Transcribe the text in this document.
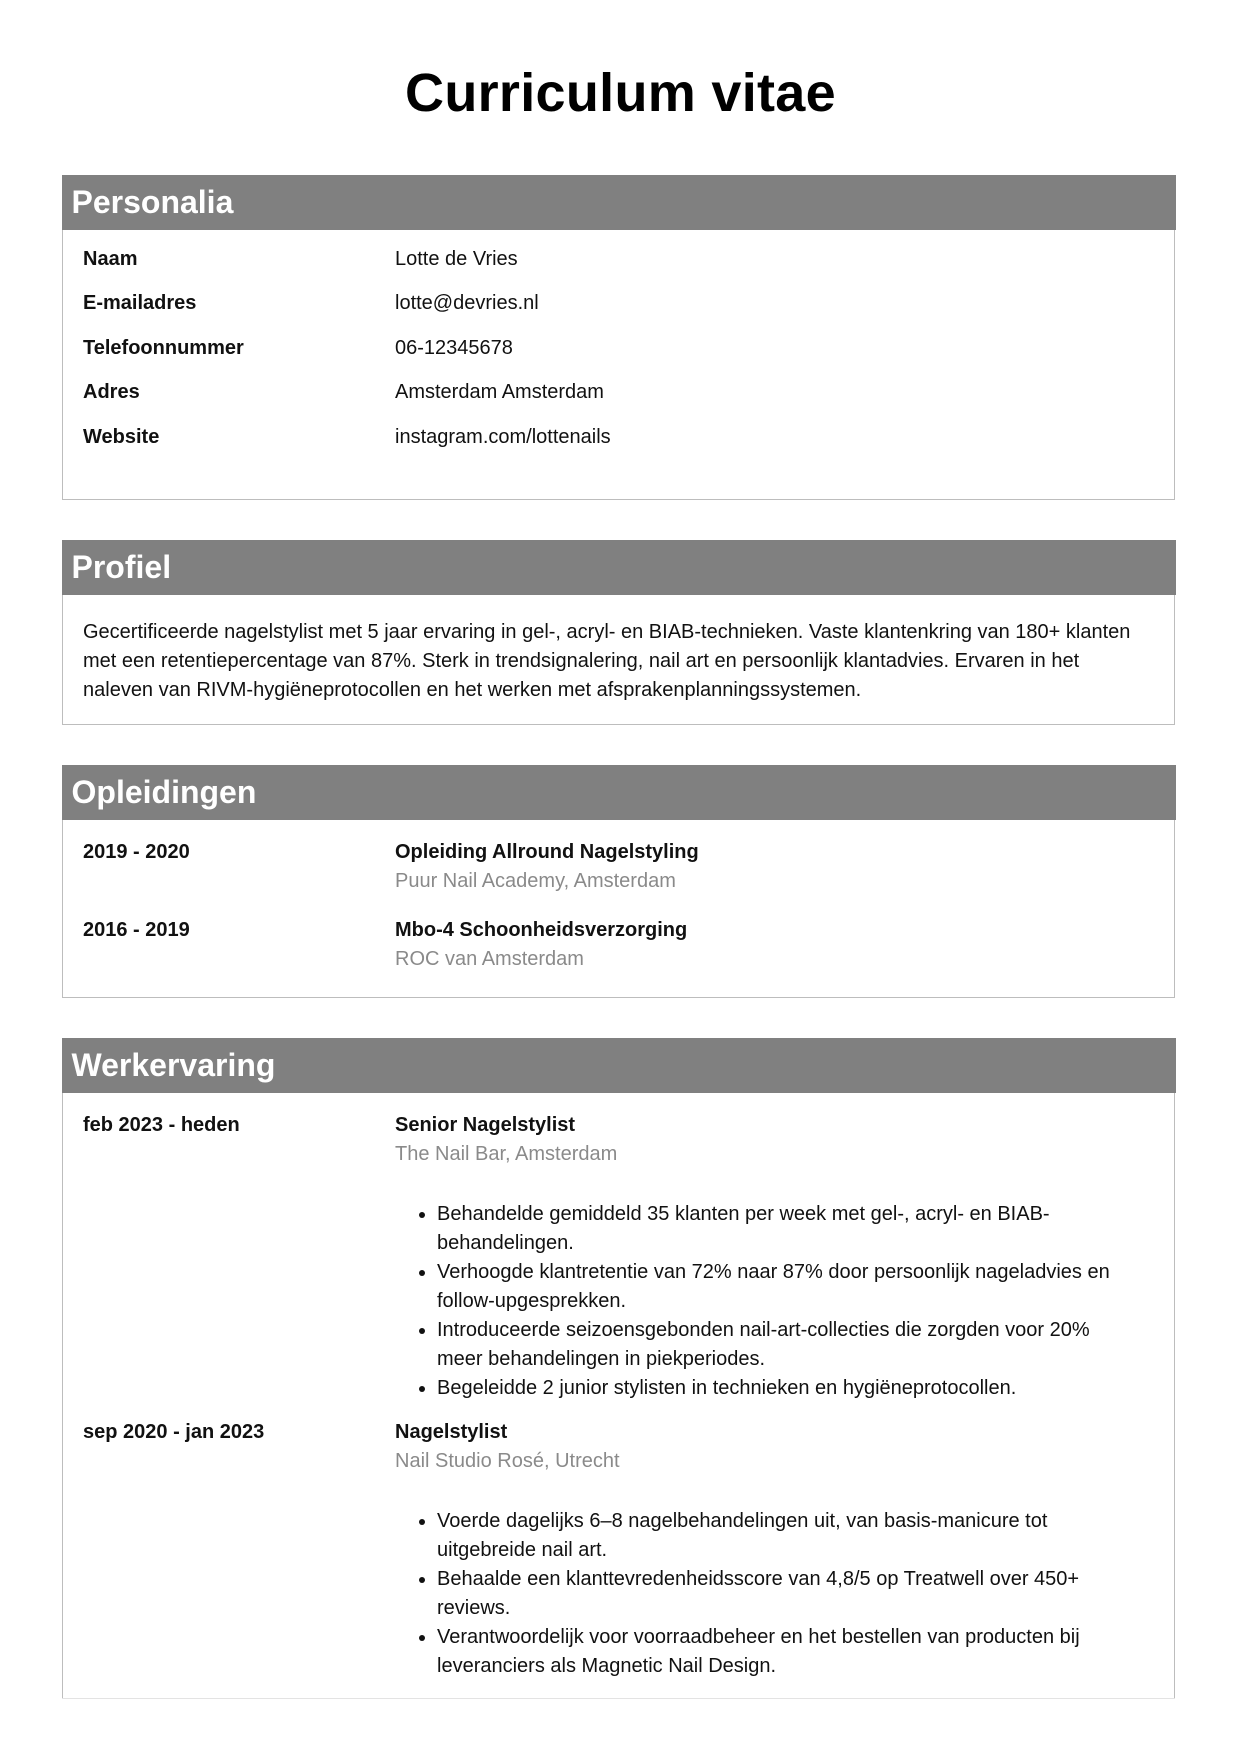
Curriculum vitae
Personalia
Naam	Lotte de Vries
E-mailadres	lotte@devries.nl
Telefoonnummer	06-12345678
Adres	Amsterdam Amsterdam
Website	instagram.com/lottenails
Profiel
Gecertificeerde nagelstylist met 5 jaar ervaring in gel-, acryl- en BIAB-technieken. Vaste klantenkring van 180+ klanten met een retentiepercentage van 87%. Sterk in trendsignalering, nail art en persoonlijk klantadvies. Ervaren in het naleven van RIVM-hygiëneprotocollen en het werken met afsprakenplanningssystemen.
Opleidingen
2019 - 2020	Opleiding Allround Nagelstyling
Puur Nail Academy, Amsterdam
2016 - 2019	Mbo-4 Schoonheidsverzorging
ROC van Amsterdam
Werkervaring
feb 2023 - heden	Senior Nagelstylist
The Nail Bar, Amsterdam
• Behandelde gemiddeld 35 klanten per week met gel-, acryl- en BIAB-behandelingen.
• Verhoogde klantretentie van 72% naar 87% door persoonlijk nageladvies en follow-upgesprekken.
• Introduceerde seizoensgebonden nail-art-collecties die zorgden voor 20% meer behandelingen in piekperiodes.
• Begeleidde 2 junior stylisten in technieken en hygiëneprotocollen.
sep 2020 - jan 2023	Nagelstylist
Nail Studio Rosé, Utrecht
• Voerde dagelijks 6–8 nagelbehandelingen uit, van basis-manicure tot uitgebreide nail art.
• Behaalde een klanttevredenheidsscore van 4,8/5 op Treatwell over 450+ reviews.
• Verantwoordelijk voor voorraadbeheer en het bestellen van producten bij leveranciers als Magnetic Nail Design.
